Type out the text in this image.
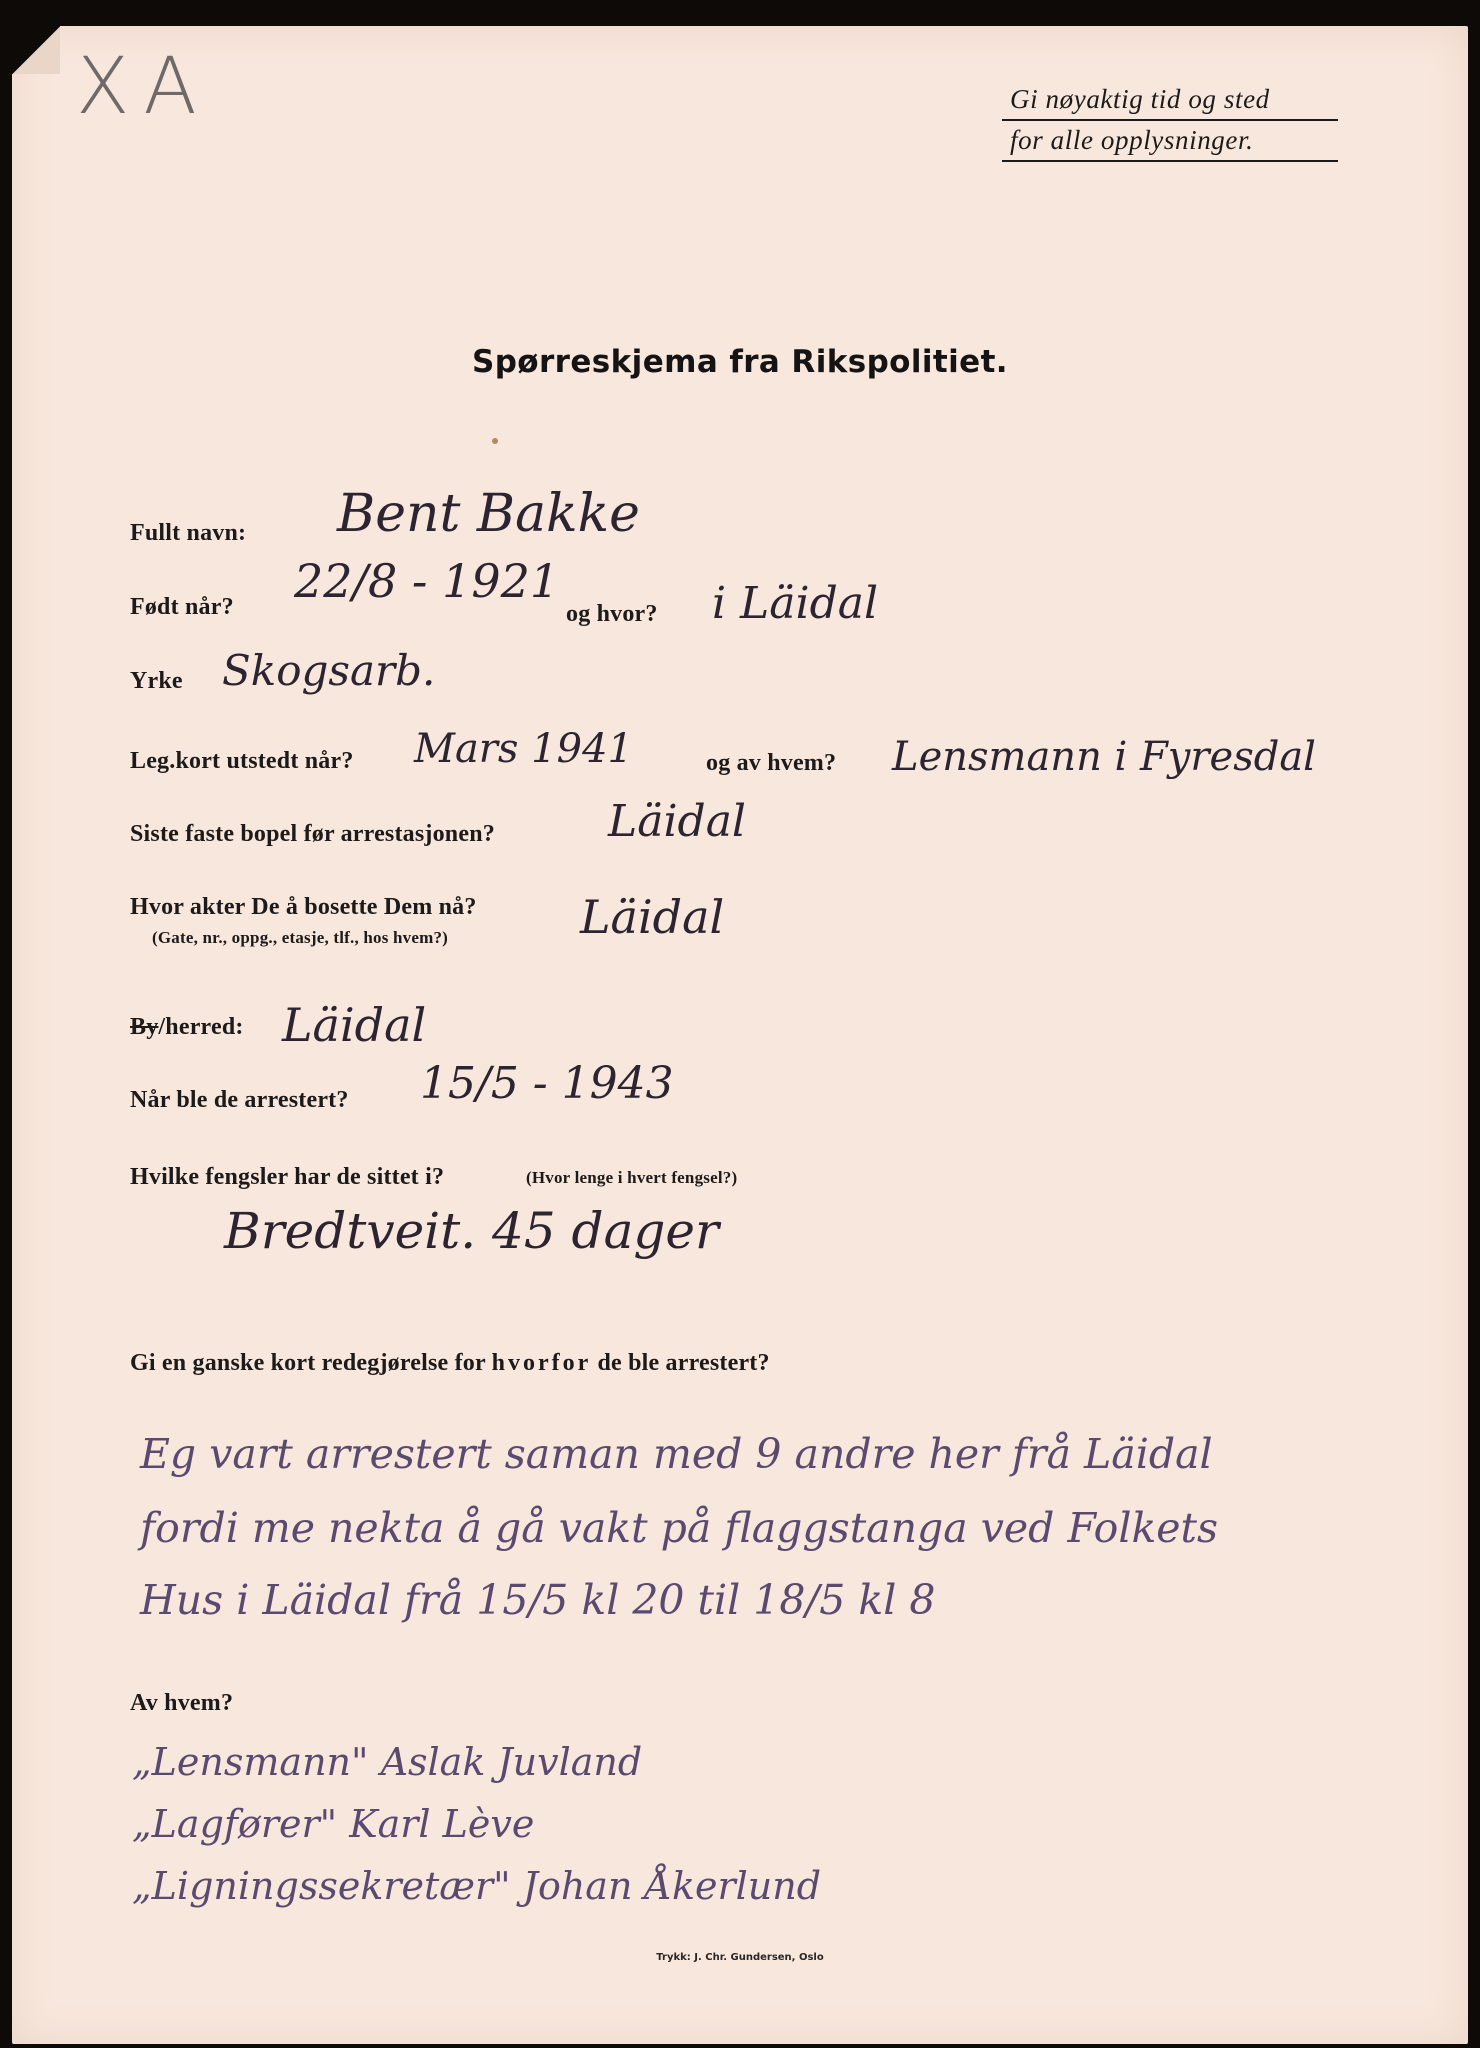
XA	Gi nøyaktig tid og sted
for alle opplysninger.
Spørreskjema fra Rikspolitiet.
Fullt navn: Bent Bakke
Født når? 22/8 - 1921
og hvor? i Läidal
Yrke Skogsarb.
Leg.kort utstedt når? Mars 1941	og av hvem? Lensmann i Fyresdal
Siste faste bopel før arrestasjonen?	Läidal
Hvor akter De å bosette Dem nå?
(Gate, nr., oppg., etasje, tlf., hos hvem?)	Läidal
By/herred: Läidal
Når ble de arrestert? 15/5 - 1943
Hvilke fengsler har de sittet i?	(Hvor lenge i hvert fengsel?)
Bredtveit. 45 dager
Gi en ganske kort redegjørelse for hvorfor de ble arrestert?
Eg vart arrestert saman med 9 andre her frå Läidal
fordi me nekta å gå vakt på flaggstanga ved Folkets
Hus i Läidal frå 15/5 kl 20 til 18/5 kl 8
Av hvem?
„Lensmann" Aslak Juvland
„Lagfører" Karl Lève
„Ligningssekretær" Johan Åkerlund
Trykk: J. Chr. Gundersen, Oslo
